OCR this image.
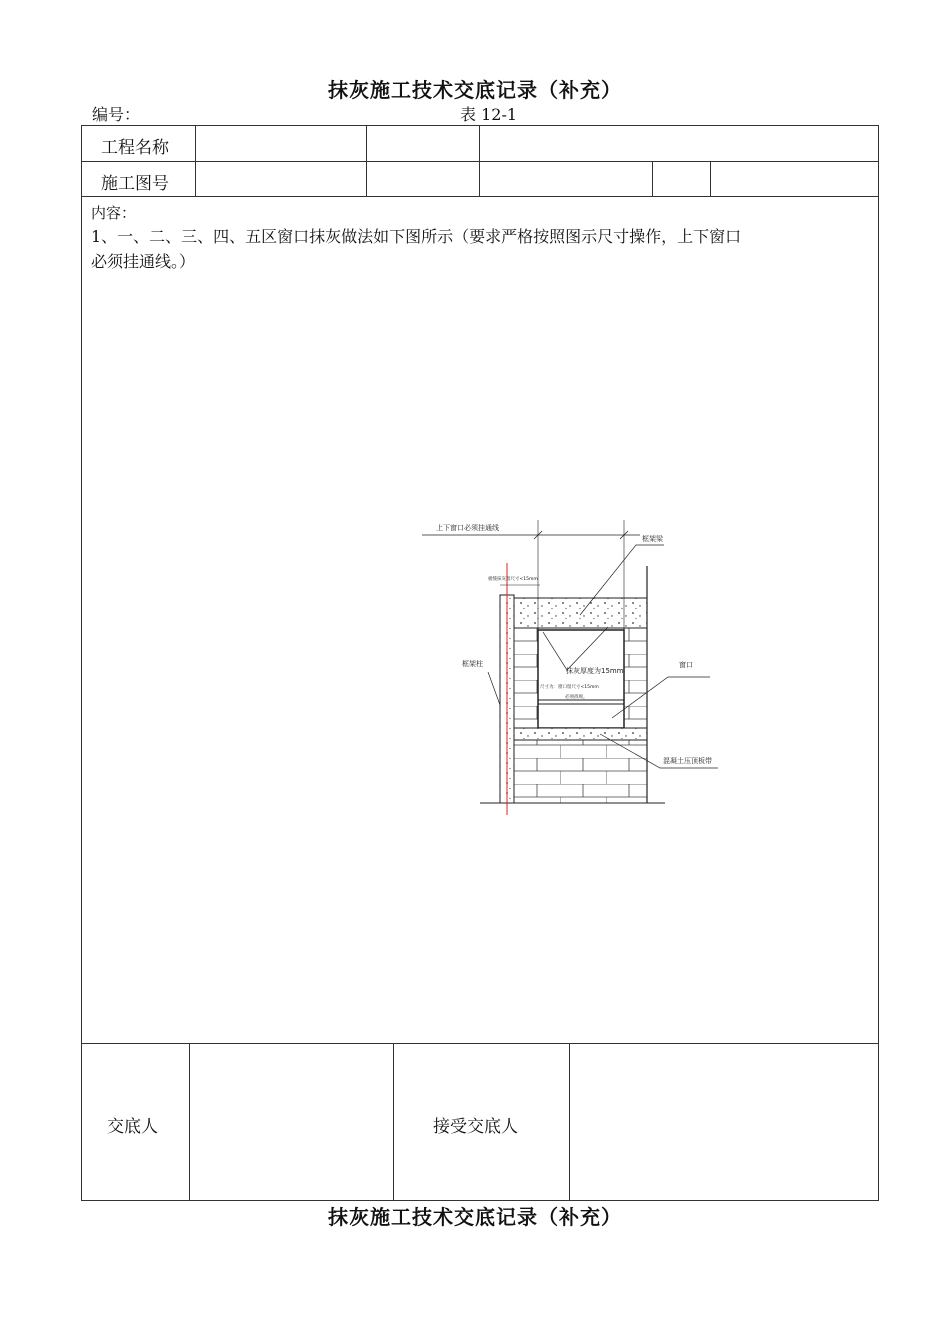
抹灰施工技术交底记录（补充）
编号：	表 12-1
工程名称
施工图号
内容：
1、一、二、三、四、五区窗口抹灰做法如下图所示（要求严格按照图示尺寸操作，上下窗口
必须挂通线。）
上下窗口必须挂通线
框架梁
板缝抹灰留尺寸<15mm
抹灰厚度为15mm
尺寸为：窗口留尺寸<15mm
必须找规。
框架柱	窗口
混凝土压顶板带
交底人	接受交底人
抹灰施工技术交底记录（补充）
